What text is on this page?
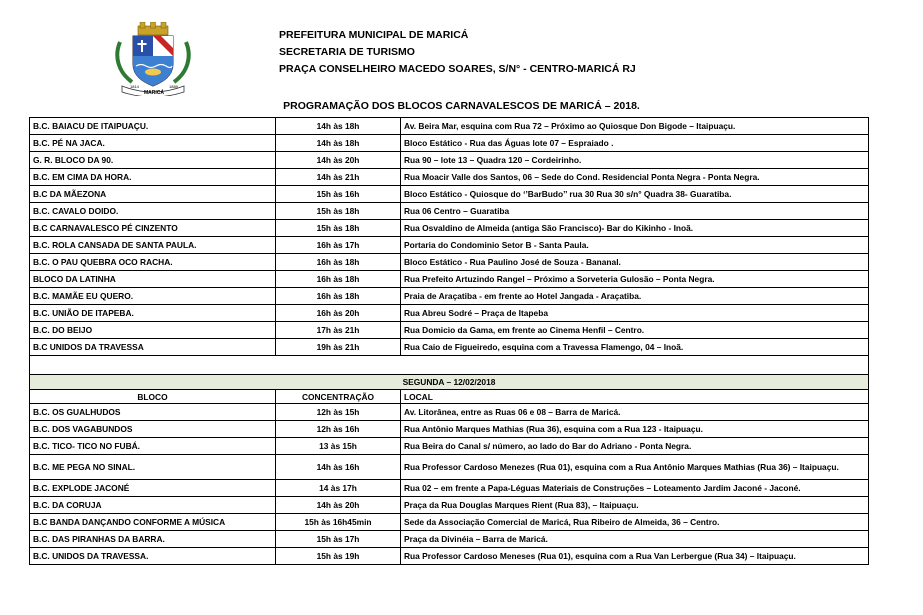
1814
MARICÁ
1889
PREFEITURA MUNICIPAL DE MARICÁ
SECRETARIA DE TURISMO
PRAÇA CONSELHEIRO MACEDO SOARES, S/N° - CENTRO-MARICÁ RJ
PROGRAMAÇÃO DOS BLOCOS CARNAVALESCOS DE MARICÁ – 2018.
B.C. BAIACU DE ITAIPUAÇU.	14h às 18h	Av. Beira Mar, esquina com Rua 72 – Próximo ao Quiosque Don Bigode – Itaipuaçu.
B.C. PÉ NA JACA.	14h às 18h	Bloco Estático - Rua das Águas lote 07 – Espraiado .
G. R. BLOCO DA 90.	14h às 20h	Rua 90 – lote 13 – Quadra 120 – Cordeirinho.
B.C. EM CIMA DA HORA.	14h às 21h	Rua Moacir Valle dos Santos, 06 – Sede do Cond. Residencial Ponta Negra - Ponta Negra.
B.C DA MÃEZONA	15h às 16h	Bloco Estático - Quiosque do ‘’BarBudo’’ rua 30 Rua 30 s/n° Quadra 38- Guaratiba.
B.C. CAVALO DOIDO.	15h às 18h	Rua 06 Centro – Guaratiba
B.C CARNAVALESCO PÉ CINZENTO	15h às 18h	Rua Osvaldino de Almeida (antiga São Francisco)- Bar do Kikinho - Inoã.
B.C. ROLA CANSADA DE SANTA PAULA.	16h às 17h	Portaria do Condominio Setor B - Santa Paula.
B.C. O PAU QUEBRA OCO RACHA.	16h às 18h	Bloco Estático - Rua Paulino José de Souza - Bananal.
BLOCO DA LATINHA	16h às 18h	Rua Prefeito Artuzindo Rangel – Próximo a Sorveteria Gulosão – Ponta Negra.
B.C. MAMÃE EU QUERO.	16h às 18h	Praia de Araçatiba - em frente ao Hotel Jangada - Araçatiba.
B.C. UNIÃO DE ITAPEBA.	16h às 20h	Rua Abreu Sodré – Praça de Itapeba
B.C. DO BEIJO	17h às 21h	Rua Domicio da Gama, em frente ao Cinema Henfil – Centro.
B.C UNIDOS DA TRAVESSA	19h às 21h	Rua Caio de Figueiredo, esquina com a Travessa Flamengo, 04 – Inoã.

SEGUNDA – 12/02/2018		
BLOCO	CONCENTRAÇÃO	LOCAL
B.C. OS GUALHUDOS	12h às 15h	Av. Litorânea, entre as Ruas 06 e 08 – Barra de Maricá.
B.C. DOS VAGABUNDOS	12h às 16h	Rua Antônio Marques Mathias (Rua 36), esquina com a Rua 123 - Itaipuaçu.
B.C. TICO- TICO NO FUBÁ.	13 às 15h	Rua Beira do Canal s/ número, ao lado do Bar do Adriano - Ponta Negra.
B.C. ME PEGA NO SINAL.	14h às 16h	Rua Professor Cardoso Menezes (Rua 01), esquina com a Rua Antônio Marques Mathias (Rua 36) – Itaipuaçu.
B.C. EXPLODE JACONÉ	14 às 17h	Rua 02 – em frente a Papa-Léguas Materiais de Construções – Loteamento Jardim Jaconé - Jaconé.
B.C. DA CORUJA	14h às 20h	Praça da Rua Douglas Marques Rient (Rua 83), – Itaipuaçu.
B.C BANDA DANÇANDO CONFORME A MÚSICA	15h às 16h45min	Sede da Associação Comercial de Maricá, Rua Ribeiro de Almeida, 36 – Centro.
B.C. DAS PIRANHAS DA BARRA.	15h às 17h	Praça da Divinéia – Barra de Maricá.
B.C. UNIDOS DA TRAVESSA.	15h às 19h	Rua Professor Cardoso Meneses (Rua 01), esquina com a Rua Van Lerbergue (Rua 34) – Itaipuaçu.
